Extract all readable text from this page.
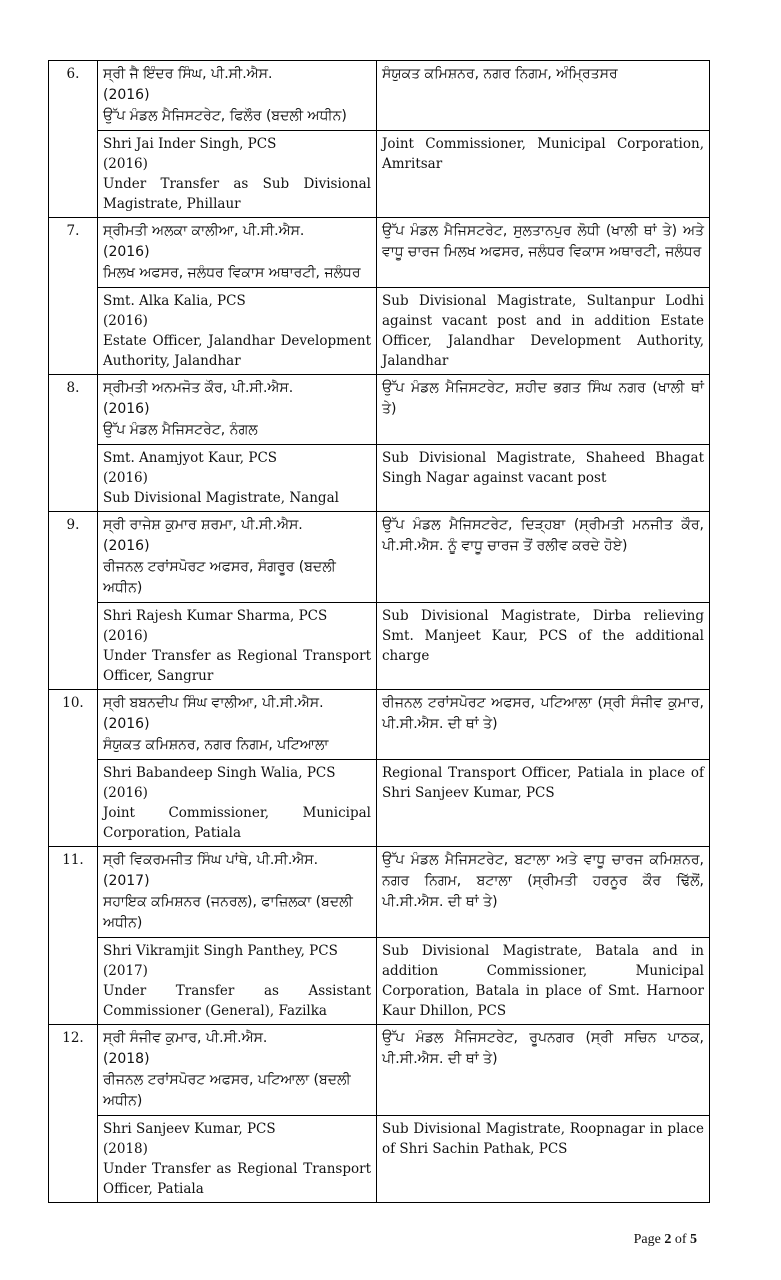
6.	ਸ੍ਰੀ ਜੈ ਇੰਦਰ ਸਿੰਘ, ਪੀ.ਸੀ.ਐਸ.
(2016)
ਉੱਪ ਮੰਡਲ ਮੈਜਿਸਟਰੇਟ, ਫਿਲੌਰ (ਬਦਲੀ ਅਧੀਨ)	ਸੰਯੁਕਤ ਕਮਿਸ਼ਨਰ, ਨਗਰ ਨਿਗਮ, ਅੰਮ੍ਰਿਤਸਰ

	Shri Jai Inder Singh, PCS
(2016)
Under Transfer as Sub Divisional Magistrate, Phillaur	Joint Commissioner, Municipal Corporation, Amritsar
7.	ਸ੍ਰੀਮਤੀ ਅਲਕਾ ਕਾਲੀਆ, ਪੀ.ਸੀ.ਐਸ.
(2016)
ਮਿਲਖ ਅਫਸਰ, ਜਲੰਧਰ ਵਿਕਾਸ ਅਥਾਰਟੀ, ਜਲੰਧਰ	ਉੱਪ ਮੰਡਲ ਮੈਜਿਸਟਰੇਟ, ਸੁਲਤਾਨਪੁਰ ਲੋਧੀ (ਖਾਲੀ ਥਾਂ ਤੇ) ਅਤੇ ਵਾਧੂ ਚਾਰਜ ਮਿਲਖ ਅਫਸਰ, ਜਲੰਧਰ ਵਿਕਾਸ ਅਥਾਰਟੀ, ਜਲੰਧਰ

	Smt. Alka Kalia, PCS
(2016)
Estate Officer, Jalandhar Development Authority, Jalandhar	Sub Divisional Magistrate, Sultanpur Lodhi against vacant post and in addition Estate Officer, Jalandhar Development Authority, Jalandhar
8.	ਸ੍ਰੀਮਤੀ ਅਨਮਜੋਤ ਕੌਰ, ਪੀ.ਸੀ.ਐਸ.
(2016)
ਉੱਪ ਮੰਡਲ ਮੈਜਿਸਟਰੇਟ, ਨੰਗਲ	ਉੱਪ ਮੰਡਲ ਮੈਜਿਸਟਰੇਟ, ਸ਼ਹੀਦ ਭਗਤ ਸਿੰਘ ਨਗਰ (ਖਾਲੀ ਥਾਂ ਤੇ)

	Smt. Anamjyot Kaur, PCS
(2016)
Sub Divisional Magistrate, Nangal	Sub Divisional Magistrate, Shaheed Bhagat Singh Nagar against vacant post
9.	ਸ੍ਰੀ ਰਾਜੇਸ਼ ਕੁਮਾਰ ਸ਼ਰਮਾ, ਪੀ.ਸੀ.ਐਸ.
(2016)
ਰੀਜਨਲ ਟਰਾਂਸਪੋਰਟ ਅਫਸਰ, ਸੰਗਰੂਰ (ਬਦਲੀ ਅਧੀਨ)	ਉੱਪ ਮੰਡਲ ਮੈਜਿਸਟਰੇਟ, ਦਿੜ੍ਹਬਾ (ਸ੍ਰੀਮਤੀ ਮਨਜੀਤ ਕੌਰ, ਪੀ.ਸੀ.ਐਸ. ਨੂੰ ਵਾਧੂ ਚਾਰਜ ਤੋਂ ਰਲੀਵ ਕਰਦੇ ਹੋਏ)

	Shri Rajesh Kumar Sharma, PCS
(2016)
Under Transfer as Regional Transport Officer, Sangrur	Sub Divisional Magistrate, Dirba relieving Smt. Manjeet Kaur, PCS of the additional charge
10.	ਸ੍ਰੀ ਬਬਨਦੀਪ ਸਿੰਘ ਵਾਲੀਆ, ਪੀ.ਸੀ.ਐਸ.
(2016)
ਸੰਯੁਕਤ ਕਮਿਸ਼ਨਰ, ਨਗਰ ਨਿਗਮ, ਪਟਿਆਲਾ	ਰੀਜਨਲ ਟਰਾਂਸਪੋਰਟ ਅਫਸਰ, ਪਟਿਆਲਾ (ਸ੍ਰੀ ਸੰਜੀਵ ਕੁਮਾਰ, ਪੀ.ਸੀ.ਐਸ. ਦੀ ਥਾਂ ਤੇ)

	Shri Babandeep Singh Walia, PCS
(2016)
Joint Commissioner, Municipal Corporation, Patiala	Regional Transport Officer, Patiala in place of Shri Sanjeev Kumar, PCS
11.	ਸ੍ਰੀ ਵਿਕਰਮਜੀਤ ਸਿੰਘ ਪਾਂਥੇ, ਪੀ.ਸੀ.ਐਸ.
(2017)
ਸਹਾਇਕ ਕਮਿਸ਼ਨਰ (ਜਨਰਲ), ਫਾਜ਼ਿਲਕਾ (ਬਦਲੀ ਅਧੀਨ)	ਉੱਪ ਮੰਡਲ ਮੈਜਿਸਟਰੇਟ, ਬਟਾਲਾ ਅਤੇ ਵਾਧੂ ਚਾਰਜ ਕਮਿਸ਼ਨਰ, ਨਗਰ ਨਿਗਮ, ਬਟਾਲਾ (ਸ੍ਰੀਮਤੀ ਹਰਨੂਰ ਕੌਰ ਢਿੱਲੋਂ, ਪੀ.ਸੀ.ਐਸ. ਦੀ ਥਾਂ ਤੇ)

	Shri Vikramjit Singh Panthey, PCS
(2017)
Under Transfer as Assistant Commissioner (General), Fazilka	Sub Divisional Magistrate, Batala and in addition Commissioner, Municipal Corporation, Batala in place of Smt. Harnoor Kaur Dhillon, PCS
12.	ਸ੍ਰੀ ਸੰਜੀਵ ਕੁਮਾਰ, ਪੀ.ਸੀ.ਐਸ.
(2018)
ਰੀਜਨਲ ਟਰਾਂਸਪੋਰਟ ਅਫਸਰ, ਪਟਿਆਲਾ (ਬਦਲੀ ਅਧੀਨ)	ਉੱਪ ਮੰਡਲ ਮੈਜਿਸਟਰੇਟ, ਰੂਪਨਗਰ (ਸ੍ਰੀ ਸਚਿਨ ਪਾਠਕ, ਪੀ.ਸੀ.ਐਸ. ਦੀ ਥਾਂ ਤੇ)

	Shri Sanjeev Kumar, PCS
(2018)
Under Transfer as Regional Transport Officer, Patiala	Sub Divisional Magistrate, Roopnagar in place of Shri Sachin Pathak, PCS
Page 2 of 5
